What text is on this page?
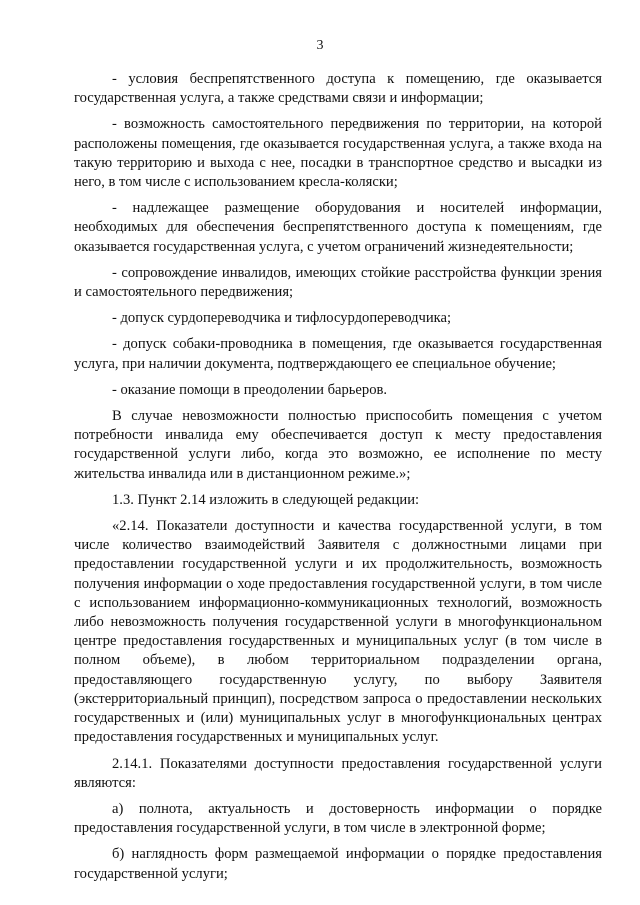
3

- условия беспрепятственного доступа к помещению, где оказывается государственная услуга, а также средствами связи и информации;

- возможность самостоятельного передвижения по территории, на которой расположены помещения, где оказывается государственная услуга, а также входа на такую территорию и выхода с нее, посадки в транспортное средство и высадки из него, в том числе с использованием кресла-коляски;

- надлежащее размещение оборудования и носителей информации, необходимых для обеспечения беспрепятственного доступа к помещениям, где оказывается государственная услуга, с учетом ограничений жизнедеятельности;

- сопровождение инвалидов, имеющих стойкие расстройства функции зрения и самостоятельного передвижения;

- допуск сурдопереводчика и тифлосурдопереводчика;

- допуск собаки-проводника в помещения, где оказывается государственная услуга, при наличии документа, подтверждающего ее специальное обучение;

- оказание помощи в преодолении барьеров.

В случае невозможности полностью приспособить помещения с учетом потребности инвалида ему обеспечивается доступ к месту предоставления государственной услуги либо, когда это возможно, ее исполнение по месту жительства инвалида или в дистанционном режиме.»;

1.3. Пункт 2.14 изложить в следующей редакции:

«2.14. Показатели доступности и качества государственной услуги, в том числе количество взаимодействий Заявителя с должностными лицами при предоставлении государственной услуги и их продолжительность, возможность получения информации о ходе предоставления государственной услуги, в том числе с использованием информационно-коммуникационных технологий, возможность либо невозможность получения государственной услуги в многофункциональном центре предоставления государственных и муниципальных услуг (в том числе в полном объеме), в любом территориальном подразделении органа, предоставляющего государственную услугу, по выбору Заявителя (экстерриториальный принцип), посредством запроса о предоставлении нескольких государственных и (или) муниципальных услуг в многофункциональных центрах предоставления государственных и муниципальных услуг.

2.14.1. Показателями доступности предоставления государственной услуги являются:

а) полнота, актуальность и достоверность информации о порядке предоставления государственной услуги, в том числе в электронной форме;

б) наглядность форм размещаемой информации о порядке предоставления государственной услуги;
